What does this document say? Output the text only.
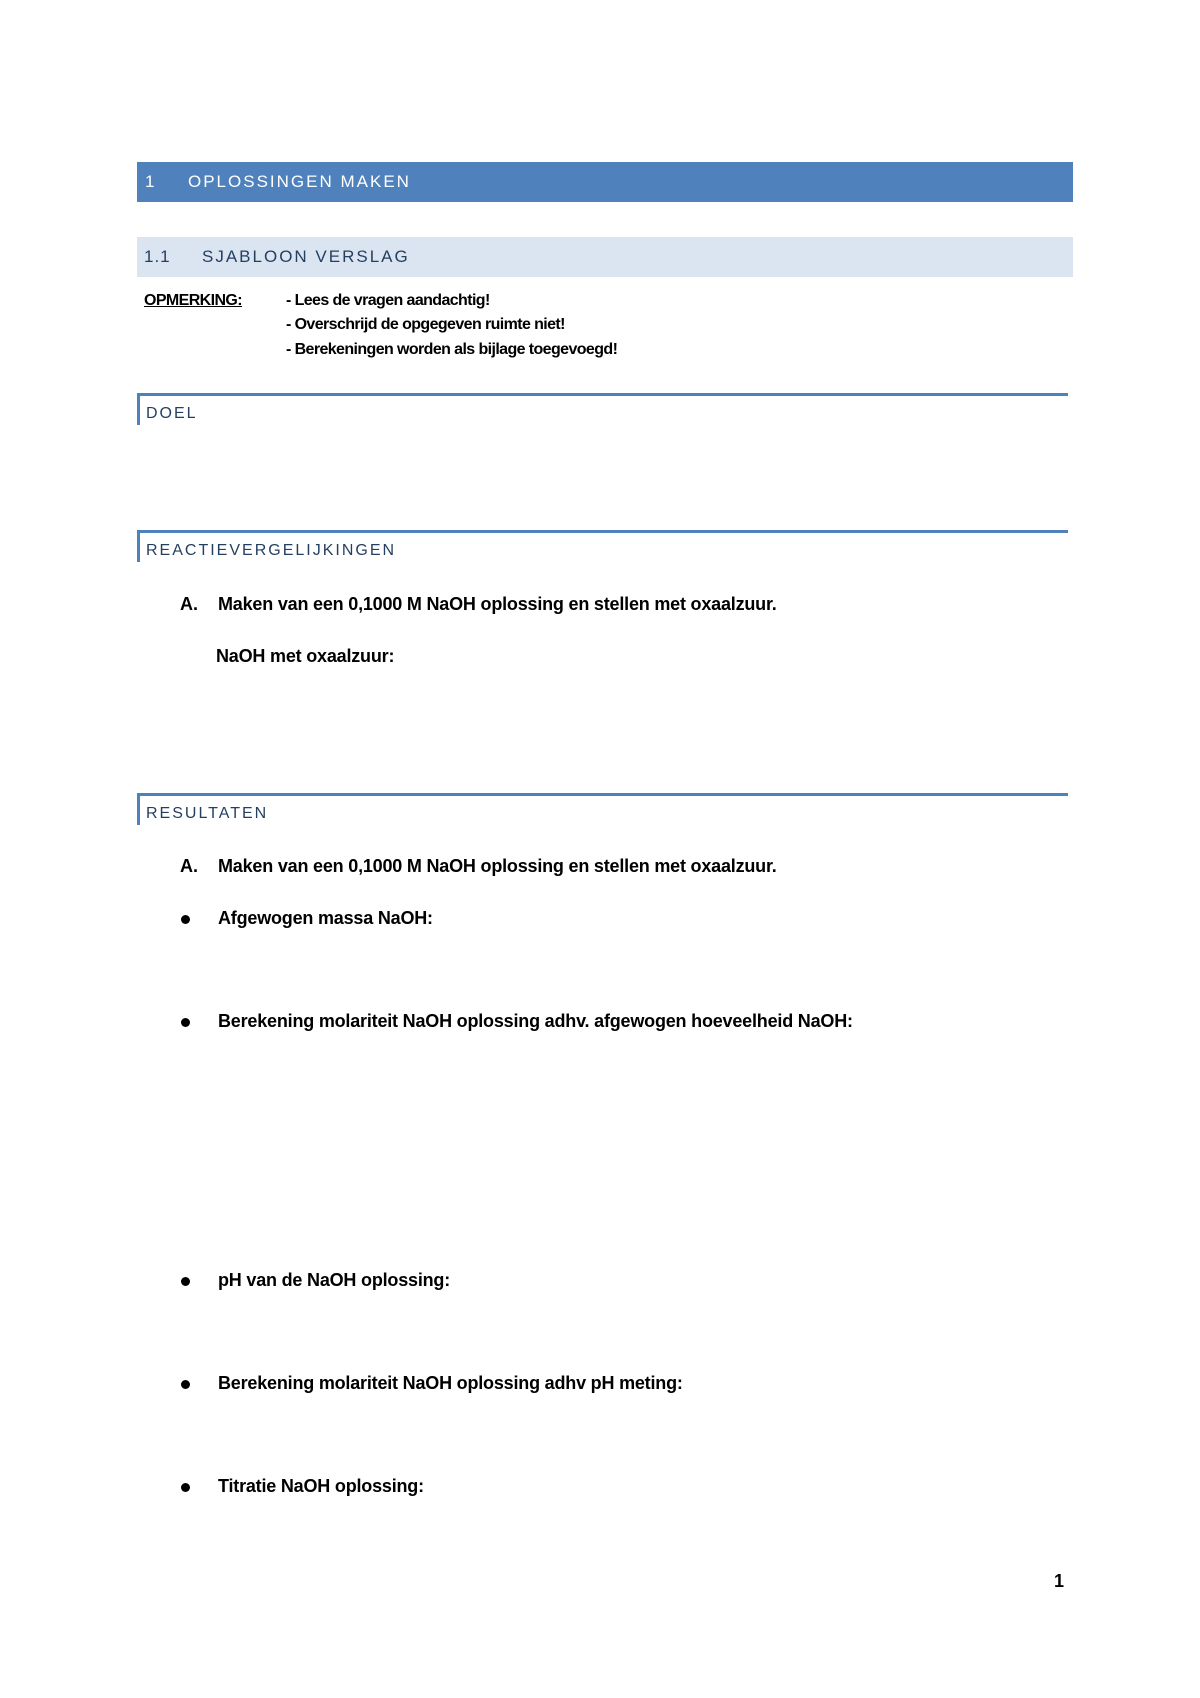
1	OPLOSSINGEN MAKEN
1.1	SJABLOON VERSLAG
OPMERKING:	- Lees de vragen aandachtig!
- Overschrijd de opgegeven ruimte niet!
- Berekeningen worden als bijlage toegevoegd!
DOEL
REACTIEVERGELIJKINGEN
A. Maken van een 0,1000 M NaOH oplossing en stellen met oxaalzuur.
NaOH met oxaalzuur:
RESULTATEN
A. Maken van een 0,1000 M NaOH oplossing en stellen met oxaalzuur.
Afgewogen massa NaOH:
Berekening molariteit NaOH oplossing adhv. afgewogen hoeveelheid NaOH:
pH van de NaOH oplossing:
Berekening molariteit NaOH oplossing adhv pH meting:
Titratie NaOH oplossing:
1
